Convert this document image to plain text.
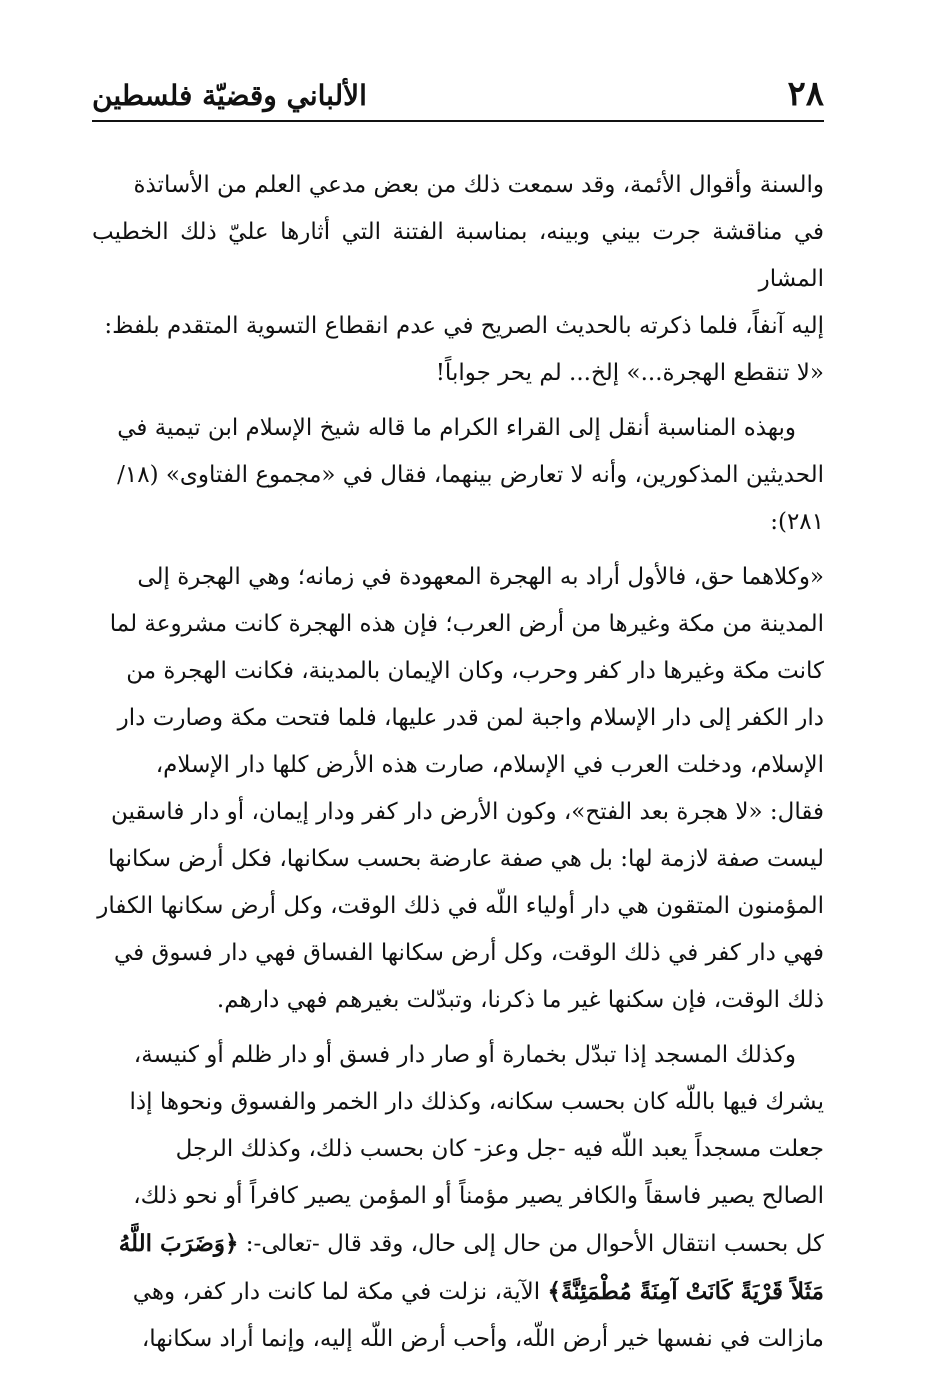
٢٨
الألباني وقضيّة فلسطين
والسنة وأقوال الأئمة، وقد سمعت ذلك من بعض مدعي العلم من الأساتذة
في مناقشة جرت بيني وبينه، بمناسبة الفتنة التي أثارها عليّ ذلك الخطيب المشار
إليه آنفاً، فلما ذكرته بالحديث الصريح في عدم انقطاع التسوية المتقدم بلفظ:
«لا تنقطع الهجرة...» إلخ... لم يحر جواباً!
وبهذه المناسبة أنقل إلى القراء الكرام ما قاله شيخ الإسلام ابن تيمية في
الحديثين المذكورين، وأنه لا تعارض بينهما، فقال في «مجموع الفتاوى» (١٨/
٢٨١):
«وكلاهما حق، فالأول أراد به الهجرة المعهودة في زمانه؛ وهي الهجرة إلى
المدينة من مكة وغيرها من أرض العرب؛ فإن هذه الهجرة كانت مشروعة لما
كانت مكة وغيرها دار كفر وحرب، وكان الإيمان بالمدينة، فكانت الهجرة من
دار الكفر إلى دار الإسلام واجبة لمن قدر عليها، فلما فتحت مكة وصارت دار
الإسلام، ودخلت العرب في الإسلام، صارت هذه الأرض كلها دار الإسلام،
فقال: «لا هجرة بعد الفتح»، وكون الأرض دار كفر ودار إيمان، أو دار فاسقين
ليست صفة لازمة لها: بل هي صفة عارضة بحسب سكانها، فكل أرض سكانها
المؤمنون المتقون هي دار أولياء اللّه في ذلك الوقت، وكل أرض سكانها الكفار
فهي دار كفر في ذلك الوقت، وكل أرض سكانها الفساق فهي دار فسوق في
ذلك الوقت، فإن سكنها غير ما ذكرنا، وتبدّلت بغيرهم فهي دارهم.
وكذلك المسجد إذا تبدّل بخمارة أو صار دار فسق أو دار ظلم أو كنيسة،
يشرك فيها باللّه كان بحسب سكانه، وكذلك دار الخمر والفسوق ونحوها إذا
جعلت مسجداً يعبد اللّه فيه -جل وعز- كان بحسب ذلك، وكذلك الرجل
الصالح يصير فاسقاً والكافر يصير مؤمناً أو المؤمن يصير كافراً أو نحو ذلك،
كل بحسب انتقال الأحوال من حال إلى حال، وقد قال -تعالى-: ﴿وَضَرَبَ اللَّهُ
مَثَلاً قَرْيَةً كَانَتْ آمِنَةً مُطْمَئِنَّةً﴾ الآية، نزلت في مكة لما كانت دار كفر، وهي
مازالت في نفسها خير أرض اللّه، وأحب أرض اللّه إليه، وإنما أراد سكانها،
